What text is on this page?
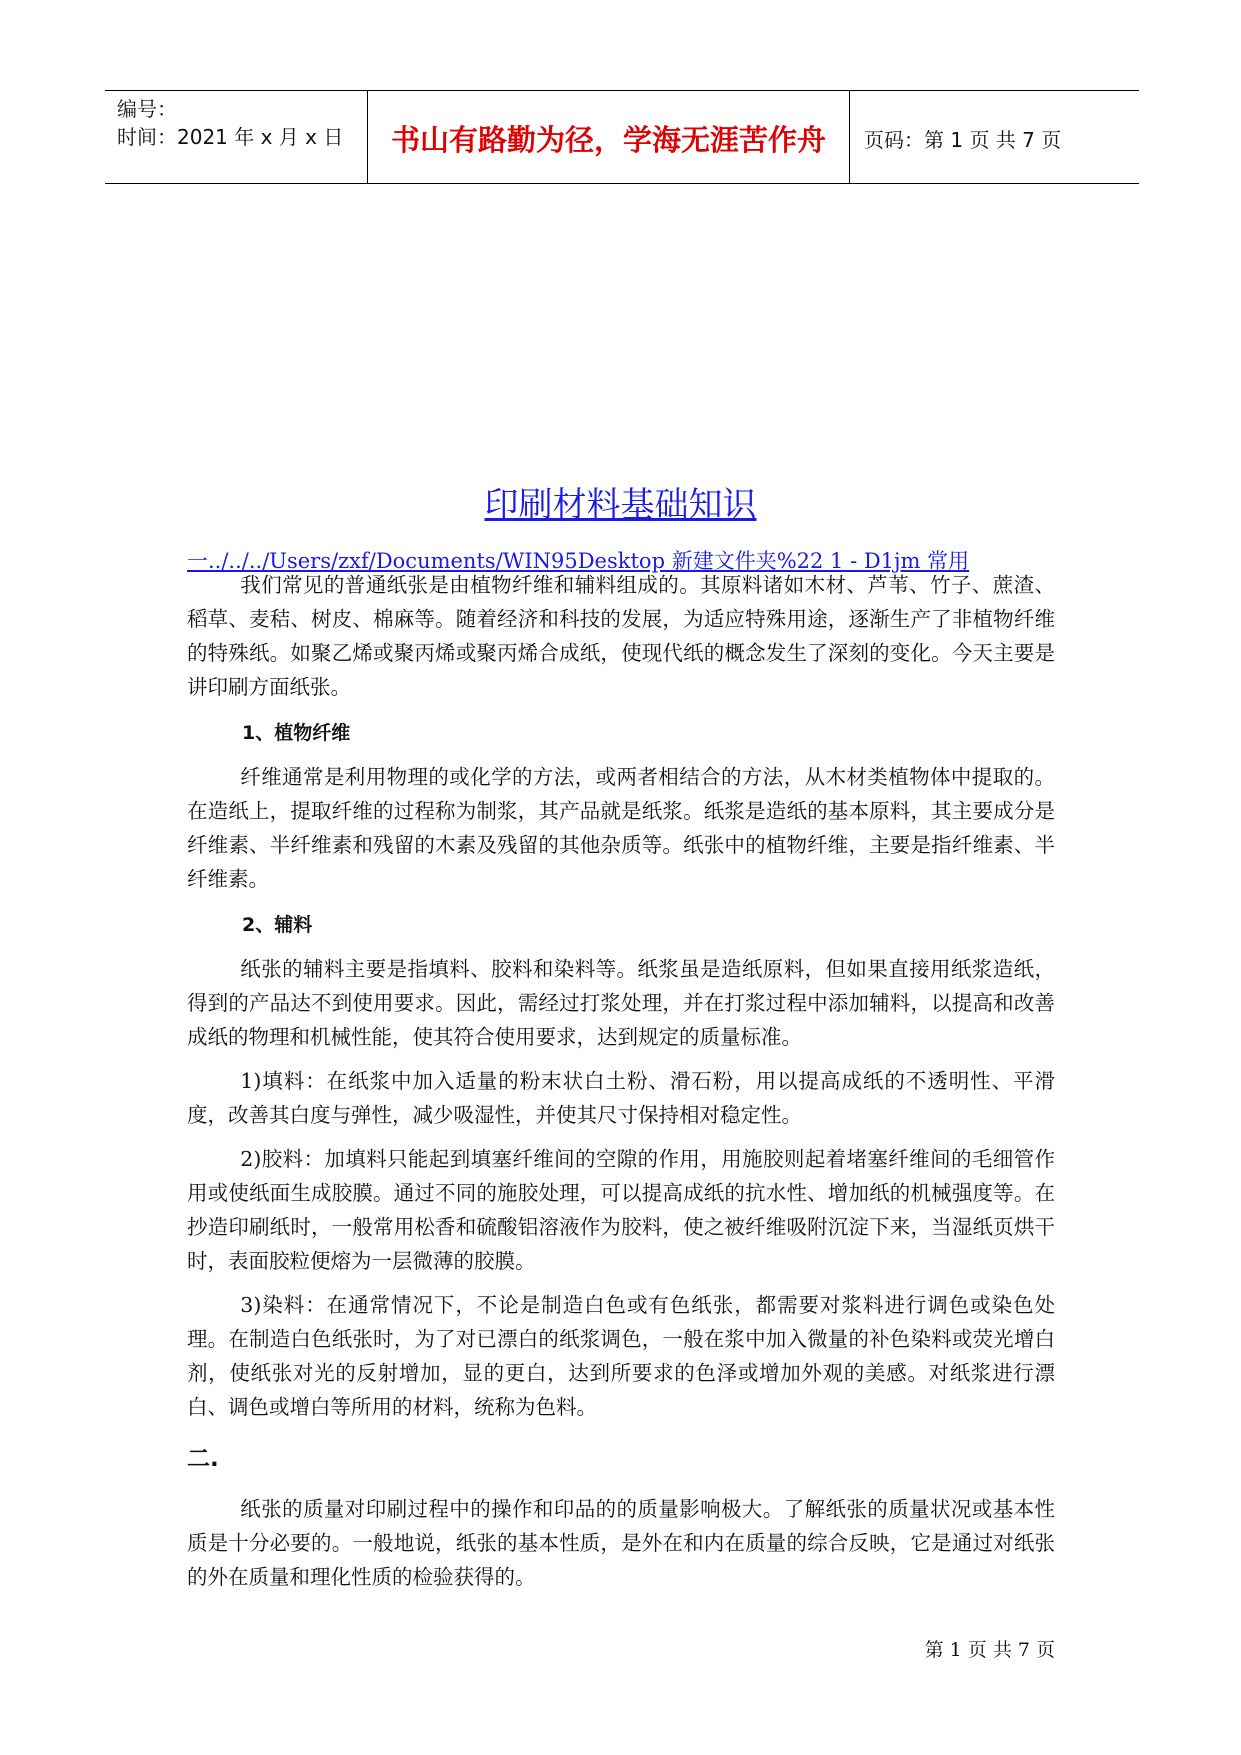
编号：
时间：2021 年 x 月 x 日	书山有路勤为径，学海无涯苦作舟	页码：第 1 页 共 7 页
印刷材料基础知识
一../../../Users/zxf/Documents/WIN95Desktop 新建文件夹%22 1 - D1jm 常用

我们常见的普通纸张是由植物纤维和辅料组成的。其原料诸如木材、芦苇、竹子、蔗渣、稻草、麦秸、树皮、棉麻等。随着经济和科技的发展，为适应特殊用途，逐渐生产了非植物纤维的特殊纸。如聚乙烯或聚丙烯或聚丙烯合成纸，使现代纸的概念发生了深刻的变化。今天主要是讲印刷方面纸张。

1、植物纤维

纤维通常是利用物理的或化学的方法，或两者相结合的方法，从木材类植物体中提取的。在造纸上，提取纤维的过程称为制浆，其产品就是纸浆。纸浆是造纸的基本原料，其主要成分是纤维素、半纤维素和残留的木素及残留的其他杂质等。纸张中的植物纤维，主要是指纤维素、半纤维素。

2、辅料

纸张的辅料主要是指填料、胶料和染料等。纸浆虽是造纸原料，但如果直接用纸浆造纸，得到的产品达不到使用要求。因此，需经过打浆处理，并在打浆过程中添加辅料，以提高和改善成纸的物理和机械性能，使其符合使用要求，达到规定的质量标准。

1)填料：在纸浆中加入适量的粉末状白土粉、滑石粉，用以提高成纸的不透明性、平滑度，改善其白度与弹性，减少吸湿性，并使其尺寸保持相对稳定性。

2)胶料：加填料只能起到填塞纤维间的空隙的作用，用施胶则起着堵塞纤维间的毛细管作用或使纸面生成胶膜。通过不同的施胶处理，可以提高成纸的抗水性、增加纸的机械强度等。在抄造印刷纸时，一般常用松香和硫酸铝溶液作为胶料，使之被纤维吸附沉淀下来，当湿纸页烘干时，表面胶粒便熔为一层微薄的胶膜。

3)染料：在通常情况下，不论是制造白色或有色纸张，都需要对浆料进行调色或染色处理。在制造白色纸张时，为了对已漂白的纸浆调色，一般在浆中加入微量的补色染料或荧光增白剂，使纸张对光的反射增加，显的更白，达到所要求的色泽或增加外观的美感。对纸浆进行漂白、调色或增白等所用的材料，统称为色料。

二.

纸张的质量对印刷过程中的操作和印品的的质量影响极大。了解纸张的质量状况或基本性质是十分必要的。一般地说，纸张的基本性质，是外在和内在质量的综合反映，它是通过对纸张的外在质量和理化性质的检验获得的。

第 1 页 共 7 页
